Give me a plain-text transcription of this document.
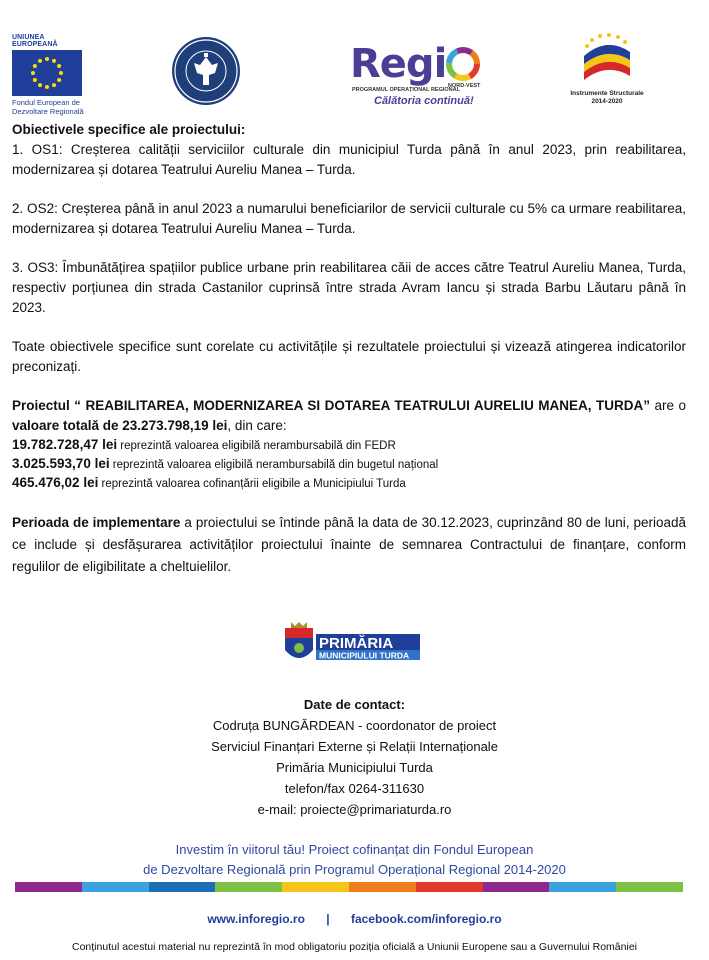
UNIUNEA EUROPEANĂ
Fondul European de
Dezvoltare Regională
Regi
PROGRAMUL OPERAȚIONAL REGIONAL
NORD-VEST
Călătoria continuă!
Instrumente Structurale
2014-2020

Obiectivele specifice ale proiectului:

1. OS1: Creșterea calității serviciilor culturale din municipiul Turda până în anul 2023, prin reabilitarea, modernizarea și dotarea Teatrului Aureliu Manea – Turda.

2. OS2: Creșterea până in anul 2023 a numarului beneficiarilor de servicii culturale cu 5% ca urmare reabilitarea, modernizarea și dotarea Teatrului Aureliu Manea – Turda.

3. OS3: Îmbunătățirea spațiilor publice urbane prin reabilitarea căii de acces către Teatrul Aureliu Manea, Turda, respectiv porțiunea din strada Castanilor cuprinsă între strada Avram Iancu și strada Barbu Lăutaru până în 2023.

Toate obiectivele specifice sunt corelate cu activitățile și rezultatele proiectului și vizează atingerea indicatorilor preconizați.

Proiectul “ REABILITAREA, MODERNIZAREA SI DOTAREA TEATRULUI AURELIU MANEA, TURDA” are o valoare totală de 23.273.798,19 lei, din care:

19.782.728,47 lei reprezintă valoarea eligibilă nerambursabilă din FEDR

3.025.593,70 lei reprezintă valoarea eligibilă nerambursabilă din bugetul național

465.476,02 lei reprezintă valoarea cofinanțării eligibile a Municipiului Turda

Perioada de implementare a proiectului se întinde până la data de 30.12.2023, cuprinzând 80 de luni, perioadă ce include și desfășurarea activităților proiectului înainte de semnarea Contractului de finanțare, conform regulilor de eligibilitate a cheltuielilor.

PRIMĂRIA
MUNICIPIULUI TURDA
Date de contact:
Codruța BUNGĂRDEAN - coordonator de proiect
Serviciul Finanțari Externe și Relații Internaționale
Primăria Municipiului Turda
telefon/fax 0264-311630
e-mail: proiecte@primariaturda.ro
Investim în viitorul tău! Proiect cofinanțat din Fondul European
de Dezvoltare Regională prin Programul Operațional Regional 2014-2020
www.inforegio.ro | facebook.com/inforegio.ro
Conținutul acestui material nu reprezintă în mod obligatoriu poziția oficială a Uniunii Europene sau a Guvernului României
